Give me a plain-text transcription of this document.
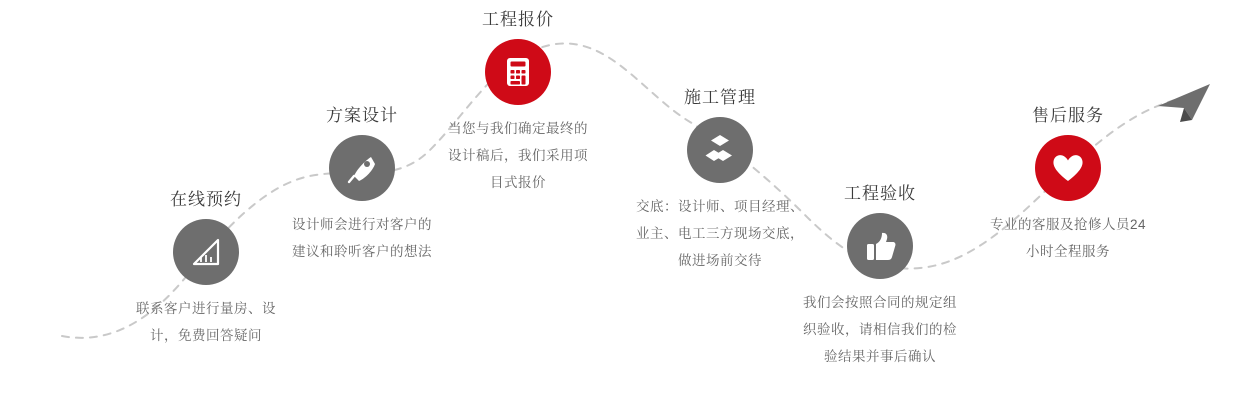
在线预约
联系客户进行量房、设计，免费回答疑问
方案设计
设计师会进行对客户的建议和聆听客户的想法
工程报价
当您与我们确定最终的设计稿后，我们采用项目式报价
施工管理
交底：设计师、项目经理、业主、电工三方现场交底，做进场前交待
工程验收
我们会按照合同的规定组织验收，请相信我们的检验结果并事后确认
售后服务
专业的客服及抢修人员24小时全程服务
